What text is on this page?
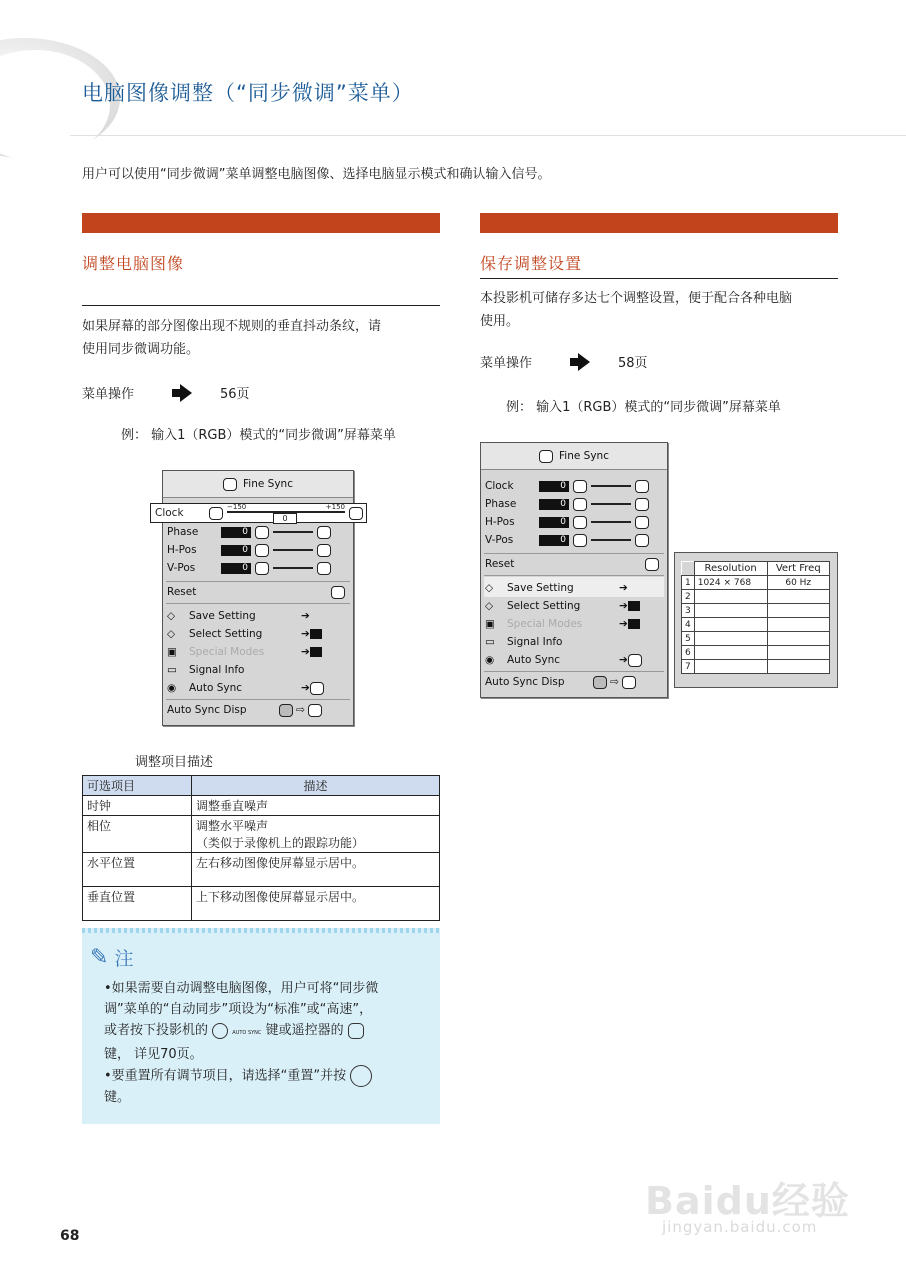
电脑图像调整（“同步微调”菜单）
用户可以使用“同步微调”菜单调整电脑图像、选择电脑显示模式和确认输入信号。
调整电脑图像
如果屏幕的部分图像出现不规则的垂直抖动条纹，请
使用同步微调功能。
菜单操作	56页
例： 输入1（RGB）模式的“同步微调”屏幕菜单
Fine Sync
Phase	0
H-Pos	0
V-Pos	0
Reset
◇	Save Setting	➔
◇	Select Setting	➔
▣	Special Modes	➔
▭	Signal Info
◉	Auto Sync	➔
Auto Sync Disp	⇨
Clock	−150	+150
0
调整项目描述
可选项目	描述
时钟	调整垂直噪声
相位	调整水平噪声
（类似于录像机上的跟踪功能）

水平位置	左右移动图像使屏幕显示居中。
垂直位置	上下移动图像使屏幕显示居中。
✎ 注
•如果需要自动调整电脑图像，用户可将“同步微
调”菜单的“自动同步”项设为“标准”或“高速”，
或者按下投影机的	AUTO SYNC 键或遥控器的
键， 详见70页。
•要重置所有调节项目，请选择“重置”并按
键。
保存调整设置
本投影机可储存多达七个调整设置，便于配合各种电脑
使用。
菜单操作	58页
例： 输入1（RGB）模式的“同步微调”屏幕菜单
Fine Sync
Clock	0
Phase	0
H-Pos	0
V-Pos	0
Reset
◇	Save Setting	➔
◇	Select Setting	➔
▣	Special Modes	➔
▭	Signal Info
◉	Auto Sync	➔
Auto Sync Disp	⇨
	Resolution	Vert Freq
1	1024 × 768	60 Hz
2		
3		
4		
5		
6		
7		
68
Baidu经验
jingyan.baidu.com
